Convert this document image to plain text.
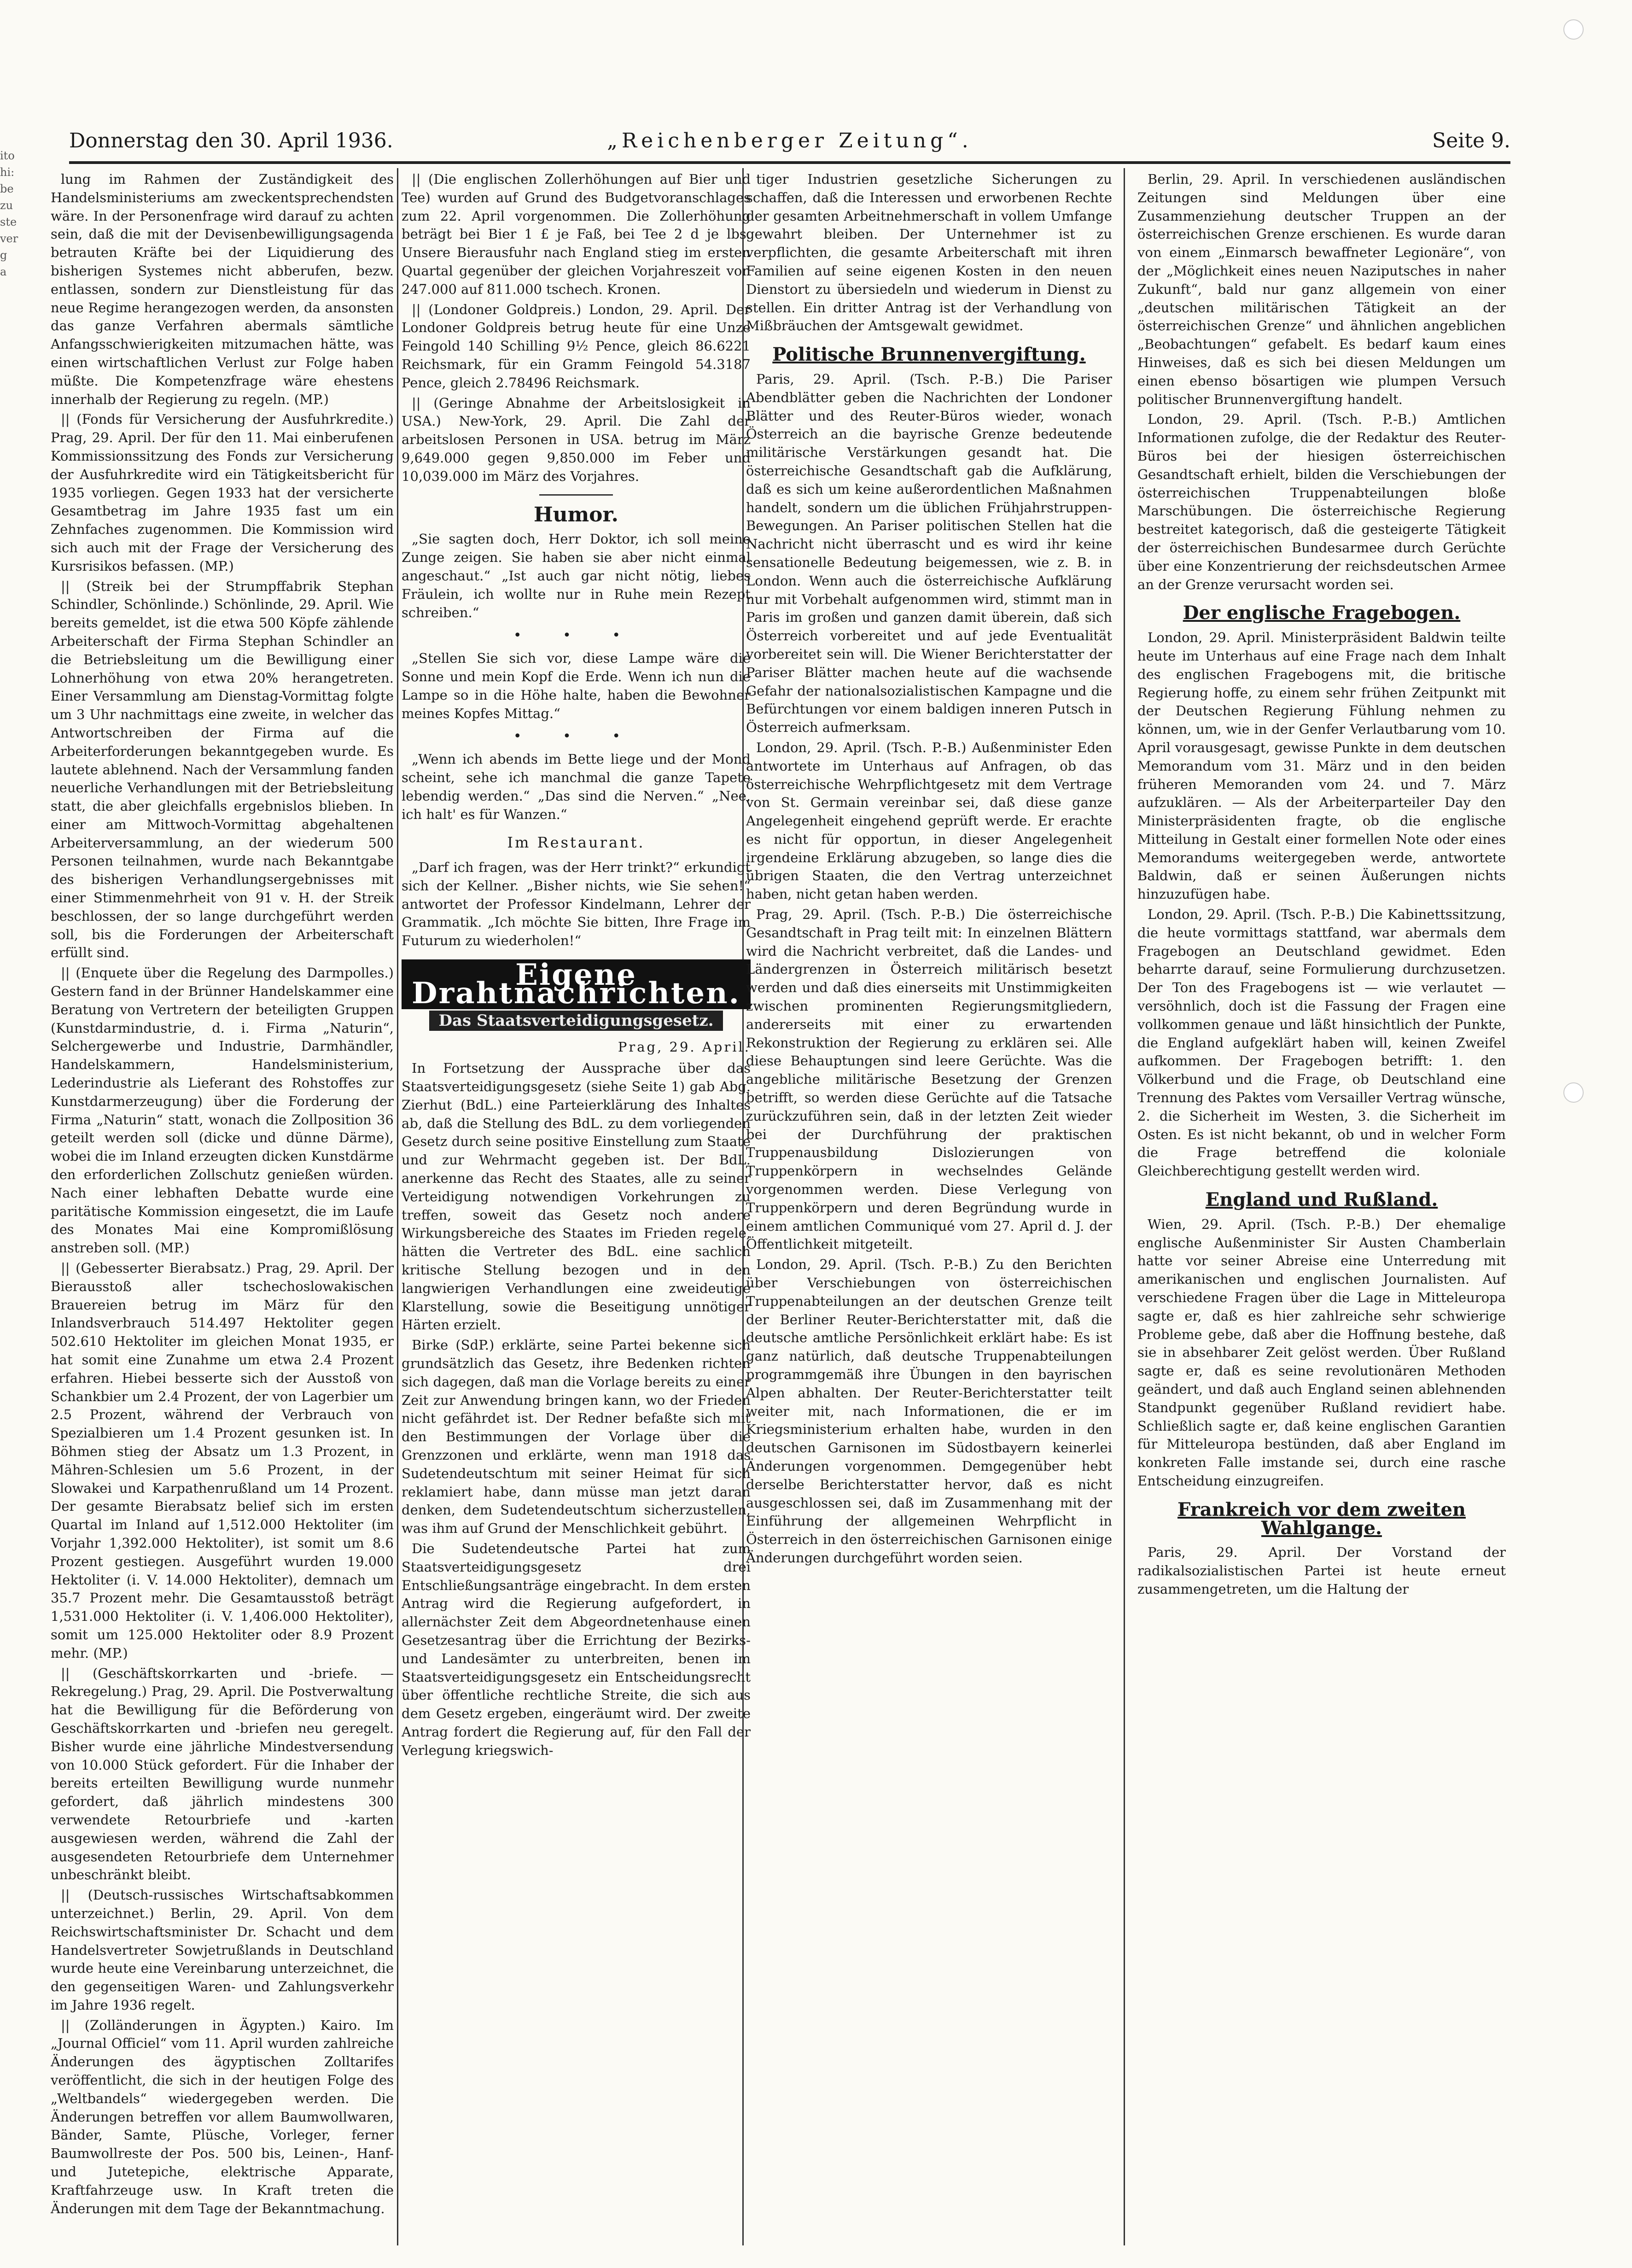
ito
hi:
be
zu
ste
ver
g
a
Donnerstag den 30. April 1936.	„Reichenberger Zeitung“.	Seite 9.

lung im Rahmen der Zuständigkeit des Handelsministeriums am zweckentsprechendsten wäre. In der Personenfrage wird darauf zu achten sein, daß die mit der Devisenbewilligungsagenda betrauten Kräfte bei der Liquidierung des bisherigen Systemes nicht abberufen, bezw. entlassen, sondern zur Dienstleistung für das neue Regime herangezogen werden, da ansonsten das ganze Verfahren abermals sämtliche Anfangsschwierigkeiten mitzumachen hätte, was einen wirtschaftlichen Verlust zur Folge haben müßte. Die Kompetenzfrage wäre ehestens innerhalb der Regierung zu regeln. (MP.)

|| (Fonds für Versicherung der Ausfuhrkredite.) Prag, 29. April. Der für den 11. Mai einberufenen Kommissionssitzung des Fonds zur Versicherung der Ausfuhrkredite wird ein Tätigkeitsbericht für 1935 vorliegen. Gegen 1933 hat der versicherte Gesamtbetrag im Jahre 1935 fast um ein Zehnfaches zugenommen. Die Kommission wird sich auch mit der Frage der Versicherung des Kursrisikos befassen. (MP.)

|| (Streik bei der Strumpffabrik Stephan Schindler, Schönlinde.) Schönlinde, 29. April. Wie bereits gemeldet, ist die etwa 500 Köpfe zählende Arbeiterschaft der Firma Stephan Schindler an die Betriebsleitung um die Bewilligung einer Lohnerhöhung von etwa 20% herangetreten. Einer Versammlung am Dienstag-Vormittag folgte um 3 Uhr nachmittags eine zweite, in welcher das Antwortschreiben der Firma auf die Arbeiterforderungen bekanntgegeben wurde. Es lautete ablehnend. Nach der Versammlung fanden neuerliche Verhandlungen mit der Betriebsleitung statt, die aber gleichfalls ergebnislos blieben. In einer am Mittwoch-Vormittag abgehaltenen Arbeiterversammlung, an der wiederum 500 Personen teilnahmen, wurde nach Bekanntgabe des bisherigen Verhandlungsergebnisses mit einer Stimmenmehrheit von 91 v. H. der Streik beschlossen, der so lange durchgeführt werden soll, bis die Forderungen der Arbeiterschaft erfüllt sind.

|| (Enquete über die Regelung des Darmpolles.) Gestern fand in der Brünner Handelskammer eine Beratung von Vertretern der beteiligten Gruppen (Kunstdarmindustrie, d. i. Firma „Naturin“, Selchergewerbe und Industrie, Darmhändler, Handelskammern, Handelsministerium, Lederindustrie als Lieferant des Rohstoffes zur Kunstdarmerzeugung) über die Forderung der Firma „Naturin“ statt, wonach die Zollposition 36 geteilt werden soll (dicke und dünne Därme), wobei die im Inland erzeugten dicken Kunstdärme den erforderlichen Zollschutz genießen würden. Nach einer lebhaften Debatte wurde eine paritätische Kommission eingesetzt, die im Laufe des Monates Mai eine Kompromißlösung anstreben soll. (MP.)

|| (Gebesserter Bierabsatz.) Prag, 29. April. Der Bierausstoß aller tschechoslowakischen Brauereien betrug im März für den Inlandsverbrauch 514.497 Hektoliter gegen 502.610 Hektoliter im gleichen Monat 1935, er hat somit eine Zunahme um etwa 2.4 Prozent erfahren. Hiebei besserte sich der Ausstoß von Schankbier um 2.4 Prozent, der von Lagerbier um 2.5 Prozent, während der Verbrauch von Spezialbieren um 1.4 Prozent gesunken ist. In Böhmen stieg der Absatz um 1.3 Prozent, in Mähren-Schlesien um 5.6 Prozent, in der Slowakei und Karpathenrußland um 14 Prozent. Der gesamte Bierabsatz belief sich im ersten Quartal im Inland auf 1,512.000 Hektoliter (im Vorjahr 1,392.000 Hektoliter), ist somit um 8.6 Prozent gestiegen. Ausgeführt wurden 19.000 Hektoliter (i. V. 14.000 Hektoliter), demnach um 35.7 Prozent mehr. Die Gesamtausstoß beträgt 1,531.000 Hektoliter (i. V. 1,406.000 Hektoliter), somit um 125.000 Hektoliter oder 8.9 Prozent mehr. (MP.)

|| (Geschäftskorrkarten und -briefe. — Rekregelung.) Prag, 29. April. Die Postverwaltung hat die Bewilligung für die Beförderung von Geschäftskorrkarten und -briefen neu geregelt. Bisher wurde eine jährliche Mindestversendung von 10.000 Stück gefordert. Für die Inhaber der bereits erteilten Bewilligung wurde nunmehr gefordert, daß jährlich mindestens 300 verwendete Retourbriefe und -karten ausgewiesen werden, während die Zahl der ausgesendeten Retourbriefe dem Unternehmer unbeschränkt bleibt.

|| (Deutsch-russisches Wirtschaftsabkommen unterzeichnet.) Berlin, 29. April. Von dem Reichswirtschaftsminister Dr. Schacht und dem Handelsvertreter Sowjetrußlands in Deutschland wurde heute eine Vereinbarung unterzeichnet, die den gegenseitigen Waren- und Zahlungsverkehr im Jahre 1936 regelt.

|| (Zolländerungen in Ägypten.) Kairo. Im „Journal Officiel“ vom 11. April wurden zahlreiche Änderungen des ägyptischen Zolltarifes veröffentlicht, die sich in der heutigen Folge des „Weltbandels“ wiedergegeben werden. Die Änderungen betreffen vor allem Baumwollwaren, Bänder, Samte, Plüsche, Vorleger, ferner Baumwollreste der Pos. 500 bis, Leinen-, Hanf- und Jutetepiche, elektrische Apparate, Kraftfahrzeuge usw. In Kraft treten die Änderungen mit dem Tage der Bekanntmachung.

|| (Die englischen Zollerhöhungen auf Bier und Tee) wurden auf Grund des Budgetvoranschlages zum 22. April vorgenommen. Die Zollerhöhung beträgt bei Bier 1 £ je Faß, bei Tee 2 d je lbs. Unsere Bierausfuhr nach England stieg im ersten Quartal gegenüber der gleichen Vorjahreszeit von 247.000 auf 811.000 tschech. Kronen.

|| (Londoner Goldpreis.) London, 29. April. Der Londoner Goldpreis betrug heute für eine Unze Feingold 140 Schilling 9½ Pence, gleich 86.6221 Reichsmark, für ein Gramm Feingold 54.3187 Pence, gleich 2.78496 Reichsmark.

|| (Geringe Abnahme der Arbeitslosigkeit in USA.) New-York, 29. April. Die Zahl der arbeitslosen Personen in USA. betrug im März 9,649.000 gegen 9,850.000 im Feber und 10,039.000 im März des Vorjahres.

Humor.

„Sie sagten doch, Herr Doktor, ich soll meine Zunge zeigen. Sie haben sie aber nicht einmal angeschaut.“ „Ist auch gar nicht nötig, liebes Fräulein, ich wollte nur in Ruhe mein Rezept schreiben.“

• • •

„Stellen Sie sich vor, diese Lampe wäre die Sonne und mein Kopf die Erde. Wenn ich nun die Lampe so in die Höhe halte, haben die Bewohner meines Kopfes Mittag.“

• • •

„Wenn ich abends im Bette liege und der Mond scheint, sehe ich manchmal die ganze Tapete lebendig werden.“ „Das sind die Nerven.“ „Nee, ich halt' es für Wanzen.“

Im Restaurant.

„Darf ich fragen, was der Herr trinkt?“ erkundigt sich der Kellner. „Bisher nichts, wie Sie sehen!“ antwortet der Professor Kindelmann, Lehrer der Grammatik. „Ich möchte Sie bitten, Ihre Frage im Futurum zu wiederholen!“

Eigene Drahtnachrichten.
Das Staatsverteidigungsgesetz.
Prag, 29. April.

In Fortsetzung der Aussprache über das Staatsverteidigungsgesetz (siehe Seite 1) gab Abg. Zierhut (BdL.) eine Parteierklärung des Inhaltes ab, daß die Stellung des BdL. zu dem vorliegenden Gesetz durch seine positive Einstellung zum Staate und zur Wehrmacht gegeben ist. Der BdL. anerkenne das Recht des Staates, alle zu seiner Verteidigung notwendigen Vorkehrungen zu treffen, soweit das Gesetz noch andere Wirkungsbereiche des Staates im Frieden regele, hätten die Vertreter des BdL. eine sachlich kritische Stellung bezogen und in den langwierigen Verhandlungen eine zweideutige Klarstellung, sowie die Beseitigung unnötiger Härten erzielt.

Birke (SdP.) erklärte, seine Partei bekenne sich grundsätzlich das Gesetz, ihre Bedenken richten sich dagegen, daß man die Vorlage bereits zu einer Zeit zur Anwendung bringen kann, wo der Frieden nicht gefährdet ist. Der Redner befaßte sich mit den Bestimmungen der Vorlage über die Grenzzonen und erklärte, wenn man 1918 das Sudetendeutschtum mit seiner Heimat für sich reklamiert habe, dann müsse man jetzt daran denken, dem Sudetendeutschtum sicherzustellen, was ihm auf Grund der Menschlichkeit gebührt.

Die Sudetendeutsche Partei hat zum Staatsverteidigungsgesetz drei Entschließungsanträge eingebracht. In dem ersten Antrag wird die Regierung aufgefordert, in allernächster Zeit dem Abgeordnetenhause einen Gesetzesantrag über die Errichtung der Bezirks- und Landesämter zu unterbreiten, benen im Staatsverteidigungsgesetz ein Entscheidungsrecht über öffentliche rechtliche Streite, die sich aus dem Gesetz ergeben, eingeräumt wird. Der zweite Antrag fordert die Regierung auf, für den Fall der Verlegung kriegswich-

tiger Industrien gesetzliche Sicherungen zu schaffen, daß die Interessen und erworbenen Rechte der gesamten Arbeitnehmerschaft in vollem Umfange gewahrt bleiben. Der Unternehmer ist zu verpflichten, die gesamte Arbeiterschaft mit ihren Familien auf seine eigenen Kosten in den neuen Dienstort zu übersiedeln und wiederum in Dienst zu stellen. Ein dritter Antrag ist der Verhandlung von Mißbräuchen der Amtsgewalt gewidmet.

Politische Brunnenvergiftung.

Paris, 29. April. (Tsch. P.-B.) Die Pariser Abendblätter geben die Nachrichten der Londoner Blätter und des Reuter-Büros wieder, wonach Österreich an die bayrische Grenze bedeutende militärische Verstärkungen gesandt hat. Die österreichische Gesandtschaft gab die Aufklärung, daß es sich um keine außerordentlichen Maßnahmen handelt, sondern um die üblichen Frühjahrstruppen-Bewegungen. An Pariser politischen Stellen hat die Nachricht nicht überrascht und es wird ihr keine sensationelle Bedeutung beigemessen, wie z. B. in London. Wenn auch die österreichische Aufklärung nur mit Vorbehalt aufgenommen wird, stimmt man in Paris im großen und ganzen damit überein, daß sich Österreich vorbereitet und auf jede Eventualität vorbereitet sein will. Die Wiener Berichterstatter der Pariser Blätter machen heute auf die wachsende Gefahr der nationalsozialistischen Kampagne und die Befürchtungen vor einem baldigen inneren Putsch in Österreich aufmerksam.

London, 29. April. (Tsch. P.-B.) Außenminister Eden antwortete im Unterhaus auf Anfragen, ob das österreichische Wehrpflichtgesetz mit dem Vertrage von St. Germain vereinbar sei, daß diese ganze Angelegenheit eingehend geprüft werde. Er erachte es nicht für opportun, in dieser Angelegenheit irgendeine Erklärung abzugeben, so lange dies die übrigen Staaten, die den Vertrag unterzeichnet haben, nicht getan haben werden.

Prag, 29. April. (Tsch. P.-B.) Die österreichische Gesandtschaft in Prag teilt mit: In einzelnen Blättern wird die Nachricht verbreitet, daß die Landes- und Ländergrenzen in Österreich militärisch besetzt werden und daß dies einerseits mit Unstimmigkeiten zwischen prominenten Regierungsmitgliedern, andererseits mit einer zu erwartenden Rekonstruktion der Regierung zu erklären sei. Alle diese Behauptungen sind leere Gerüchte. Was die angebliche militärische Besetzung der Grenzen betrifft, so werden diese Gerüchte auf die Tatsache zurückzuführen sein, daß in der letzten Zeit wieder bei der Durchführung der praktischen Truppenausbildung Dislozierungen von Truppenkörpern in wechselndes Gelände vorgenommen werden. Diese Verlegung von Truppenkörpern und deren Begründung wurde in einem amtlichen Communiqué vom 27. April d. J. der Öffentlichkeit mitgeteilt.

London, 29. April. (Tsch. P.-B.) Zu den Berichten über Verschiebungen von österreichischen Truppenabteilungen an der deutschen Grenze teilt der Berliner Reuter-Berichterstatter mit, daß die deutsche amtliche Persönlichkeit erklärt habe: Es ist ganz natürlich, daß deutsche Truppenabteilungen programmgemäß ihre Übungen in den bayrischen Alpen abhalten. Der Reuter-Berichterstatter teilt weiter mit, nach Informationen, die er im Kriegsministerium erhalten habe, wurden in den deutschen Garnisonen im Südostbayern keinerlei Änderungen vorgenommen. Demgegenüber hebt derselbe Berichterstatter hervor, daß es nicht ausgeschlossen sei, daß im Zusammenhang mit der Einführung der allgemeinen Wehrpflicht in Österreich in den österreichischen Garnisonen einige Änderungen durchgeführt worden seien.

Berlin, 29. April. In verschiedenen ausländischen Zeitungen sind Meldungen über eine Zusammenziehung deutscher Truppen an der österreichischen Grenze erschienen. Es wurde daran von einem „Einmarsch bewaffneter Legionäre“, von der „Möglichkeit eines neuen Naziputsches in naher Zukunft“, bald nur ganz allgemein von einer „deutschen militärischen Tätigkeit an der österreichischen Grenze“ und ähnlichen angeblichen „Beobachtungen“ gefabelt. Es bedarf kaum eines Hinweises, daß es sich bei diesen Meldungen um einen ebenso bösartigen wie plumpen Versuch politischer Brunnenvergiftung handelt.

London, 29. April. (Tsch. P.-B.) Amtlichen Informationen zufolge, die der Redaktur des Reuter-Büros bei der hiesigen österreichischen Gesandtschaft erhielt, bilden die Verschiebungen der österreichischen Truppenabteilungen bloße Marschübungen. Die österreichische Regierung bestreitet kategorisch, daß die gesteigerte Tätigkeit der österreichischen Bundesarmee durch Gerüchte über eine Konzentrierung der reichsdeutschen Armee an der Grenze verursacht worden sei.

Der englische Fragebogen.

London, 29. April. Ministerpräsident Baldwin teilte heute im Unterhaus auf eine Frage nach dem Inhalt des englischen Fragebogens mit, die britische Regierung hoffe, zu einem sehr frühen Zeitpunkt mit der Deutschen Regierung Fühlung nehmen zu können, um, wie in der Genfer Verlautbarung vom 10. April vorausgesagt, gewisse Punkte in dem deutschen Memorandum vom 31. März und in den beiden früheren Memoranden vom 24. und 7. März aufzuklären. — Als der Arbeiterparteiler Day den Ministerpräsidenten fragte, ob die englische Mitteilung in Gestalt einer formellen Note oder eines Memorandums weitergegeben werde, antwortete Baldwin, daß er seinen Äußerungen nichts hinzuzufügen habe.

London, 29. April. (Tsch. P.-B.) Die Kabinettssitzung, die heute vormittags stattfand, war abermals dem Fragebogen an Deutschland gewidmet. Eden beharrte darauf, seine Formulierung durchzusetzen. Der Ton des Fragebogens ist — wie verlautet — versöhnlich, doch ist die Fassung der Fragen eine vollkommen genaue und läßt hinsichtlich der Punkte, die England aufgeklärt haben will, keinen Zweifel aufkommen. Der Fragebogen betrifft: 1. den Völkerbund und die Frage, ob Deutschland eine Trennung des Paktes vom Versailler Vertrag wünsche, 2. die Sicherheit im Westen, 3. die Sicherheit im Osten. Es ist nicht bekannt, ob und in welcher Form die Frage betreffend die koloniale Gleichberechtigung gestellt werden wird.

England und Rußland.

Wien, 29. April. (Tsch. P.-B.) Der ehemalige englische Außenminister Sir Austen Chamberlain hatte vor seiner Abreise eine Unterredung mit amerikanischen und englischen Journalisten. Auf verschiedene Fragen über die Lage in Mitteleuropa sagte er, daß es hier zahlreiche sehr schwierige Probleme gebe, daß aber die Hoffnung bestehe, daß sie in absehbarer Zeit gelöst werden. Über Rußland sagte er, daß es seine revolutionären Methoden geändert, und daß auch England seinen ablehnenden Standpunkt gegenüber Rußland revidiert habe. Schließlich sagte er, daß keine englischen Garantien für Mitteleuropa bestünden, daß aber England im konkreten Falle imstande sei, durch eine rasche Entscheidung einzugreifen.

Frankreich vor dem zweiten Wahlgange.

Paris, 29. April. Der Vorstand der radikalsozialistischen Partei ist heute erneut zusammengetreten, um die Haltung der
